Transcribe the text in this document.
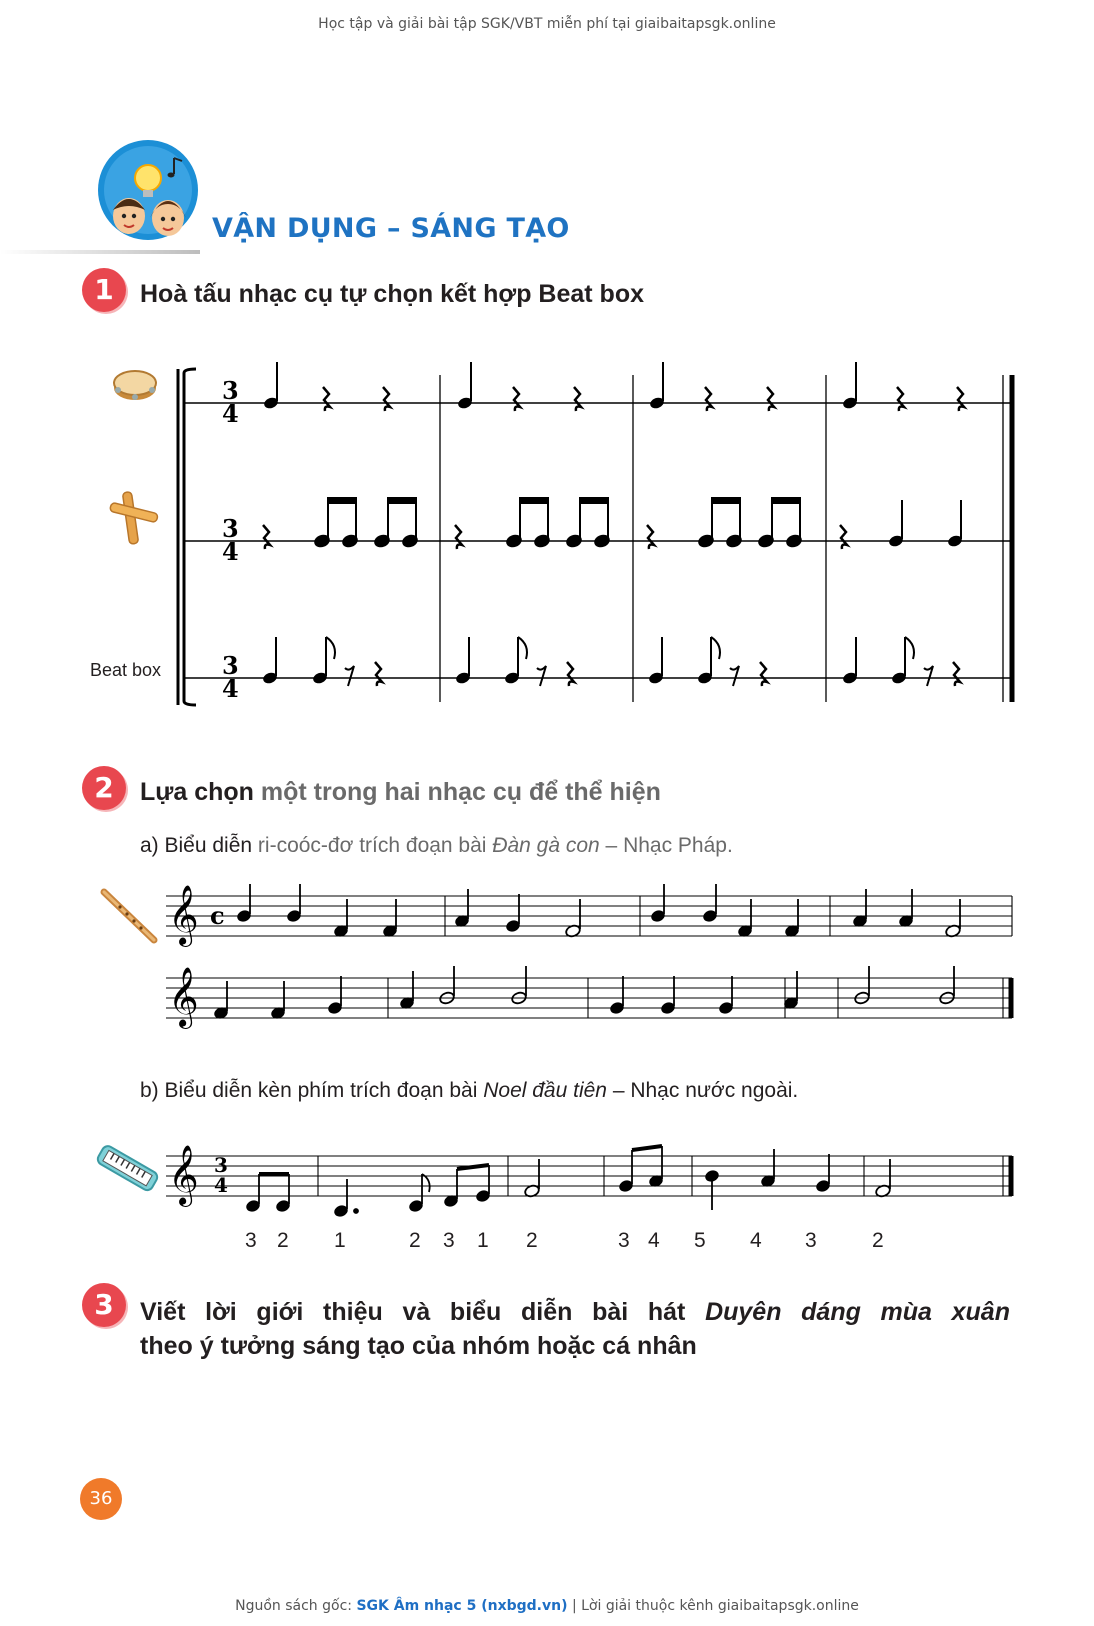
Học tập và giải bài tập SGK/VBT miễn phí tại giaibaitapsgk.online
VẬN DỤNG – SÁNG TẠO
1	Hoà tấu nhạc cụ tự chọn kết hợp Beat box
Beat box
3
4
3
4
3
4
2	Lựa chọn một trong hai nhạc cụ để thể hiện
a) Biểu diễn ri-coóc-đơ trích đoạn bài Đàn gà con – Nhạc Pháp.
𝄞
𝄞
c
b) Biểu diễn kèn phím trích đoạn bài Noel đầu tiên – Nhạc nước ngoài.
𝄞 3
4
3 2 1	2 3 1 2	3 4 5 4 3	2
3	Viết lời giới thiệu và biểu diễn bài hát Duyên dáng mùa xuân
theo ý tưởng sáng tạo của nhóm hoặc cá nhân
36
Nguồn sách gốc: SGK Âm nhạc 5 (nxbgd.vn) | Lời giải thuộc kênh giaibaitapsgk.online
